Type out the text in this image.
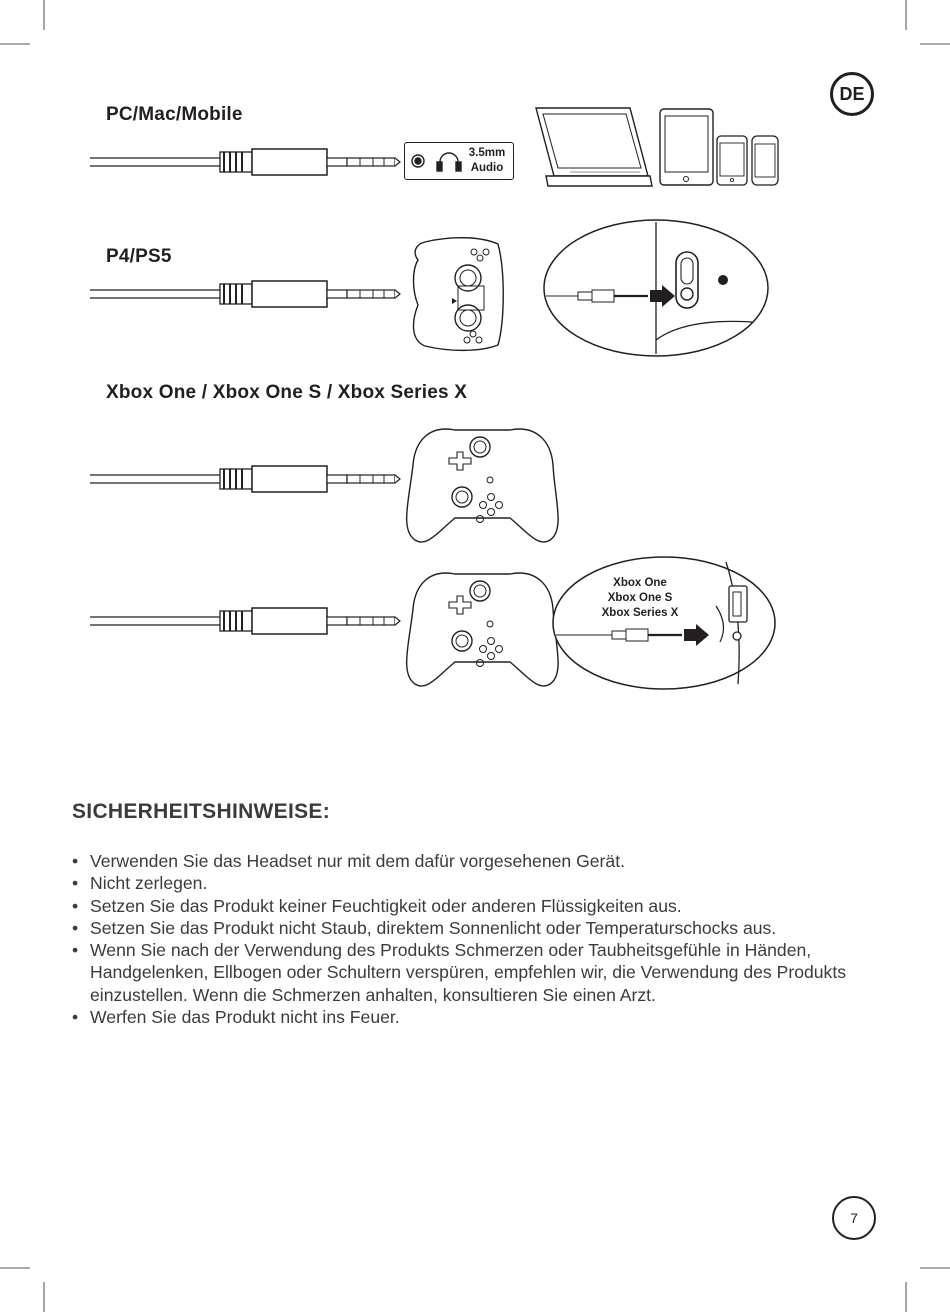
DE
PC/Mac/Mobile
P4/PS5
Xbox One / Xbox One S / Xbox Series X
3.5mm Audio
Xbox One
Xbox One S
Xbox Series X
SICHERHEITSHINWEISE:
• Verwenden Sie das Headset nur mit dem dafür vorgesehenen Gerät.
• Nicht zerlegen.
• Setzen Sie das Produkt keiner Feuchtigkeit oder anderen Flüssigkeiten aus.
• Setzen Sie das Produkt nicht Staub, direktem Sonnenlicht oder Temperaturschocks aus.
• Wenn Sie nach der Verwendung des Produkts Schmerzen oder Taubheitsgefühle in Händen, Handgelenken, Ellbogen oder Schultern verspüren, empfehlen wir, die Verwendung des Produkts einzustellen. Wenn die Schmerzen anhalten, konsultieren Sie einen Arzt.
• Werfen Sie das Produkt nicht ins Feuer.
7
